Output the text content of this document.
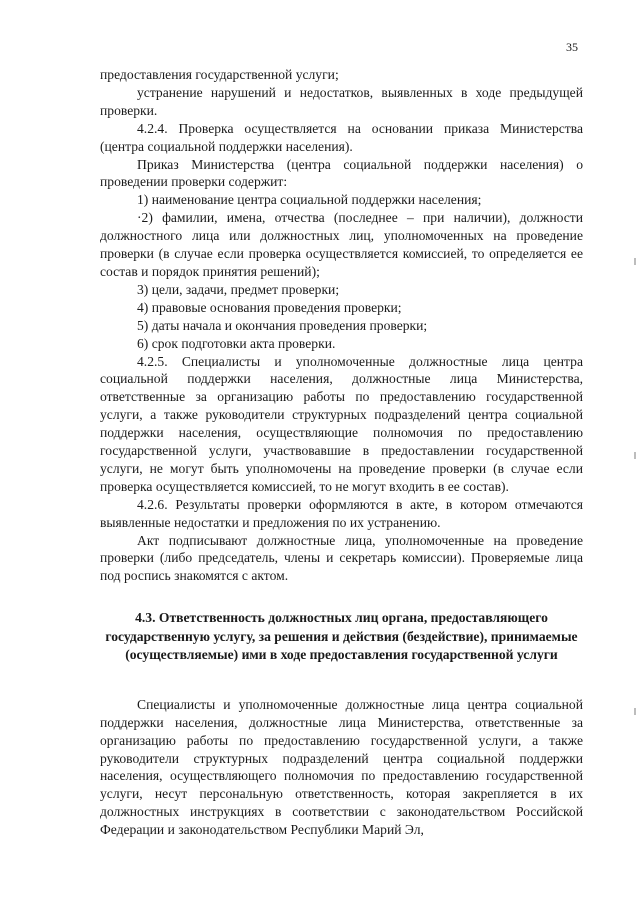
35

предоставления государственной услуги;

устранение нарушений и недостатков, выявленных в ходе предыдущей проверки.

4.2.4. Проверка осуществляется на основании приказа Министерства (центра социальной поддержки населения).

Приказ Министерства (центра социальной поддержки населения) о проведении проверки содержит:

1) наименование центра социальной поддержки населения;

·2) фамилии, имена, отчества (последнее – при наличии), должности должностного лица или должностных лиц, уполномоченных на проведение проверки (в случае если проверка осуществляется комиссией, то определяется ее состав и порядок принятия решений);

3) цели, задачи, предмет проверки;

4) правовые основания проведения проверки;

5) даты начала и окончания проведения проверки;

6) срок подготовки акта проверки.

4.2.5. Специалисты и уполномоченные должностные лица центра социальной поддержки населения, должностные лица Министерства, ответственные за организацию работы по предоставлению государственной услуги, а также руководители структурных подразделений центра социальной поддержки населения, осуществляющие полномочия по предоставлению государственной услуги, участвовавшие в предоставлении государственной услуги, не могут быть уполномочены на проведение проверки (в случае если проверка осуществляется комиссией, то не могут входить в ее состав).

4.2.6. Результаты проверки оформляются в акте, в котором отмечаются выявленные недостатки и предложения по их устранению.

Акт подписывают должностные лица, уполномоченные на проведение проверки (либо председатель, члены и секретарь комиссии). Проверяемые лица под роспись знакомятся с актом.

4.3. Ответственность должностных лиц органа, предоставляющего государственную услугу, за решения и действия (бездействие), принимаемые (осуществляемые) ими в ходе предоставления государственной услуги

Специалисты и уполномоченные должностные лица центра социальной поддержки населения, должностные лица Министерства, ответственные за организацию работы по предоставлению государственной услуги, а также руководители структурных подразделений центра социальной поддержки населения, осуществляющего полномочия по предоставлению государственной услуги, несут персональную ответственность, которая закрепляется в их должностных инструкциях в соответствии с законодательством Российской Федерации и законодательством Республики Марий Эл,
